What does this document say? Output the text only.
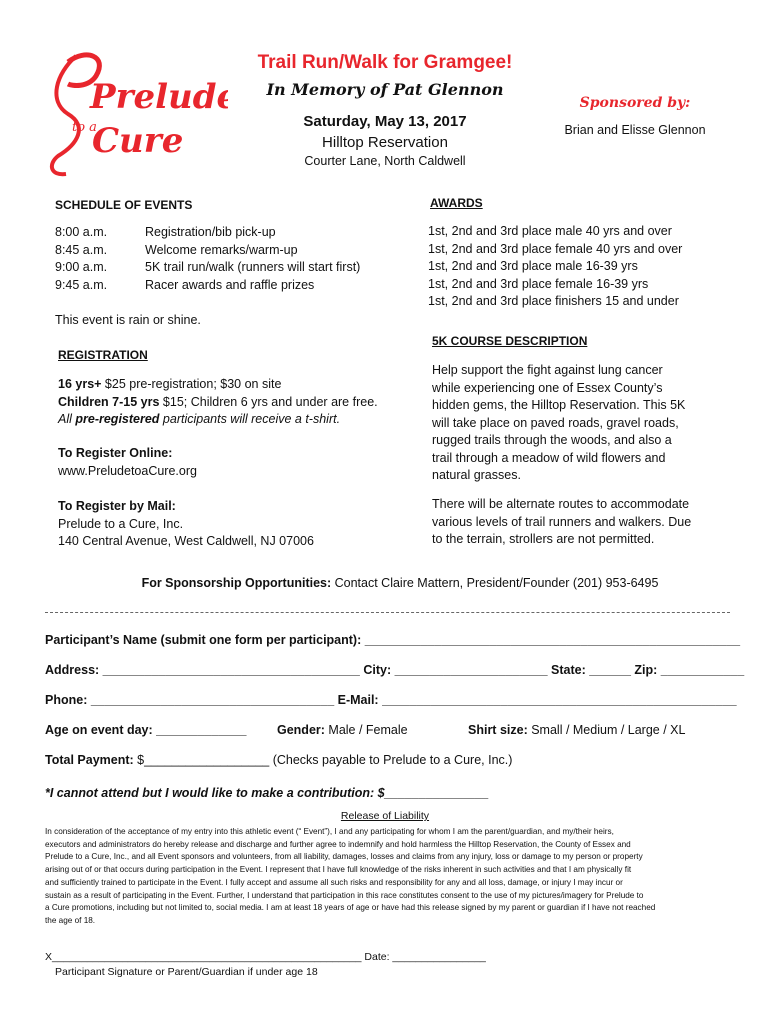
Prelude
to a
Cure
Trail Run/Walk for Gramgee!
In Memory of Pat Glennon
Saturday, May 13, 2017
Hilltop Reservation
Courter Lane, North Caldwell
Sponsored by:
Brian and Elisse Glennon
SCHEDULE OF EVENTS
8:00 a.m.	Registration/bib pick-up
8:45 a.m.	Welcome remarks/warm-up
9:00 a.m.	5K trail run/walk (runners will start first)
9:45 a.m.	Racer awards and raffle prizes
This event is rain or shine.
AWARDS
1st, 2nd and 3rd place male 40 yrs and over
1st, 2nd and 3rd place female 40 yrs and over
1st, 2nd and 3rd place male 16-39 yrs
1st, 2nd and 3rd place female 16-39 yrs
1st, 2nd and 3rd place finishers 15 and under
REGISTRATION
16 yrs+ $25 pre-registration; $30 on site
Children 7-15 yrs $15; Children 6 yrs and under are free.
All pre-registered participants will receive a t-shirt.
To Register Online:
www.PreludetoaCure.org
To Register by Mail:
Prelude to a Cure, Inc.
140 Central Avenue, West Caldwell, NJ 07006
5K COURSE DESCRIPTION
Help support the fight against lung cancer
while experiencing one of Essex County’s
hidden gems, the Hilltop Reservation. This 5K
will take place on paved roads, gravel roads,
rugged trails through the woods, and also a
trail through a meadow of wild flowers and
natural grasses.
There will be alternate routes to accommodate
various levels of trail runners and walkers. Due
to the terrain, strollers are not permitted.
For Sponsorship Opportunities: Contact Claire Mattern, President/Founder (201) 953-6495
Participant’s Name (submit one form per participant): ______________________________________________________
Address: _____________________________________ City: ______________________ State: ______ Zip: ____________
Phone: ___________________________________ E-Mail: ___________________________________________________
Age on event day: _____________ Gender: Male / Female	Shirt size: Small / Medium / Large / XL
Total Payment: $__________________ (Checks payable to Prelude to a Cure, Inc.)
*I cannot attend but I would like to make a contribution: $_______________
Release of Liability
In consideration of the acceptance of my entry into this athletic event (“ Event”), I and any participating for whom I am the parent/guardian, and my/their heirs,
executors and administrators do hereby release and discharge and further agree to indemnify and hold harmless the Hilltop Reservation, the County of Essex and
Prelude to a Cure, Inc., and all Event sponsors and volunteers, from all liability, damages, losses and claims from any injury, loss or damage to my person or property
arising out of or that occurs during participation in the Event. I represent that I have full knowledge of the risks inherent in such activities and that I am physically fit
and sufficiently trained to participate in the Event. I fully accept and assume all such risks and responsibility for any and all loss, damage, or injury I may incur or
sustain as a result of participating in the Event. Further, I understand that participation in this race constitutes consent to the use of my pictures/imagery for Prelude to
a Cure promotions, including but not limited to, social media. I am at least 18 years of age or have had this release signed by my parent or guardian if I have not reached
the age of 18.
X_____________________________________________________ Date: ________________
Participant Signature or Parent/Guardian if under age 18
